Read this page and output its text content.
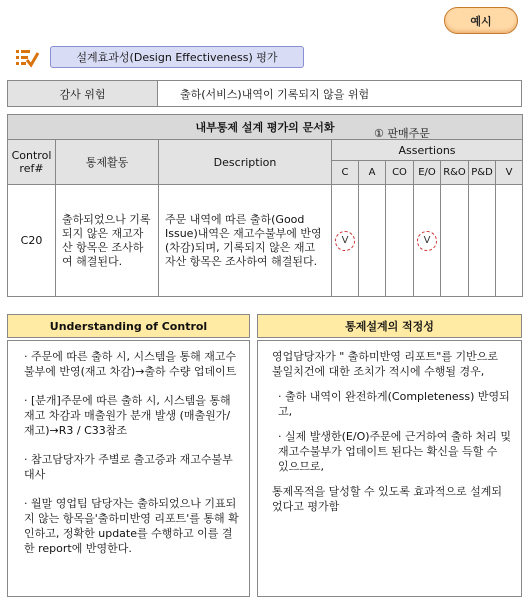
예시
설계효과성(Design Effectiveness) 평가
감사 위험	출하(서비스)내역이 기록되지 않을 위험
내부통제 설계 평가의 문서화 ① 판매주문									

Control
ref#	통제활동	Description	Assertions						
			C	A	CO	E/O	R&O	P&D	V
C20	출하되었으나 기록되지 않은 재고자산 항목은 조사하여 해결된다.	주문 내역에 따른 출하(Good Issue)내역은 재고수불부에 반영(차감)되며, 기록되지 않은 재고자산 항목은 조사하여 해결된다.	V			V			
Understanding of Control
· 주문에 따른 출하 시, 시스템을 통해 재고수불부에 반영(재고 차감)→출하 수량 업데이트
· [분개]주문에 따른 출하 시, 시스템을 통해 재고 차감과 매출원가 분개 발생 (매출원가/재고)→R3 / C33참조
· 참고담당자가 주별로 출고증과 재고수불부 대사
· 월말 영업팀 담당자는 출하되었으나 기표되지 않는 항목을'출하미반영 리포트'를 통해 확인하고, 정확한 update를 수행하고 이를 결한 report에 반영한다.
통제설계의 적정성
영업담당자가 " 출하미반영 리포트"를 기반으로 불일치건에 대한 조치가 적시에 수행될 경우,
· 출하 내역이 완전하게(Completeness) 반영되고,
· 실제 발생한(E/O)주문에 근거하여 출하 처리 및 재고수불부가 업데이트 된다는 확신을 득할 수 있으므로,
통제목적을 달성할 수 있도록 효과적으로 설계되었다고 평가함
